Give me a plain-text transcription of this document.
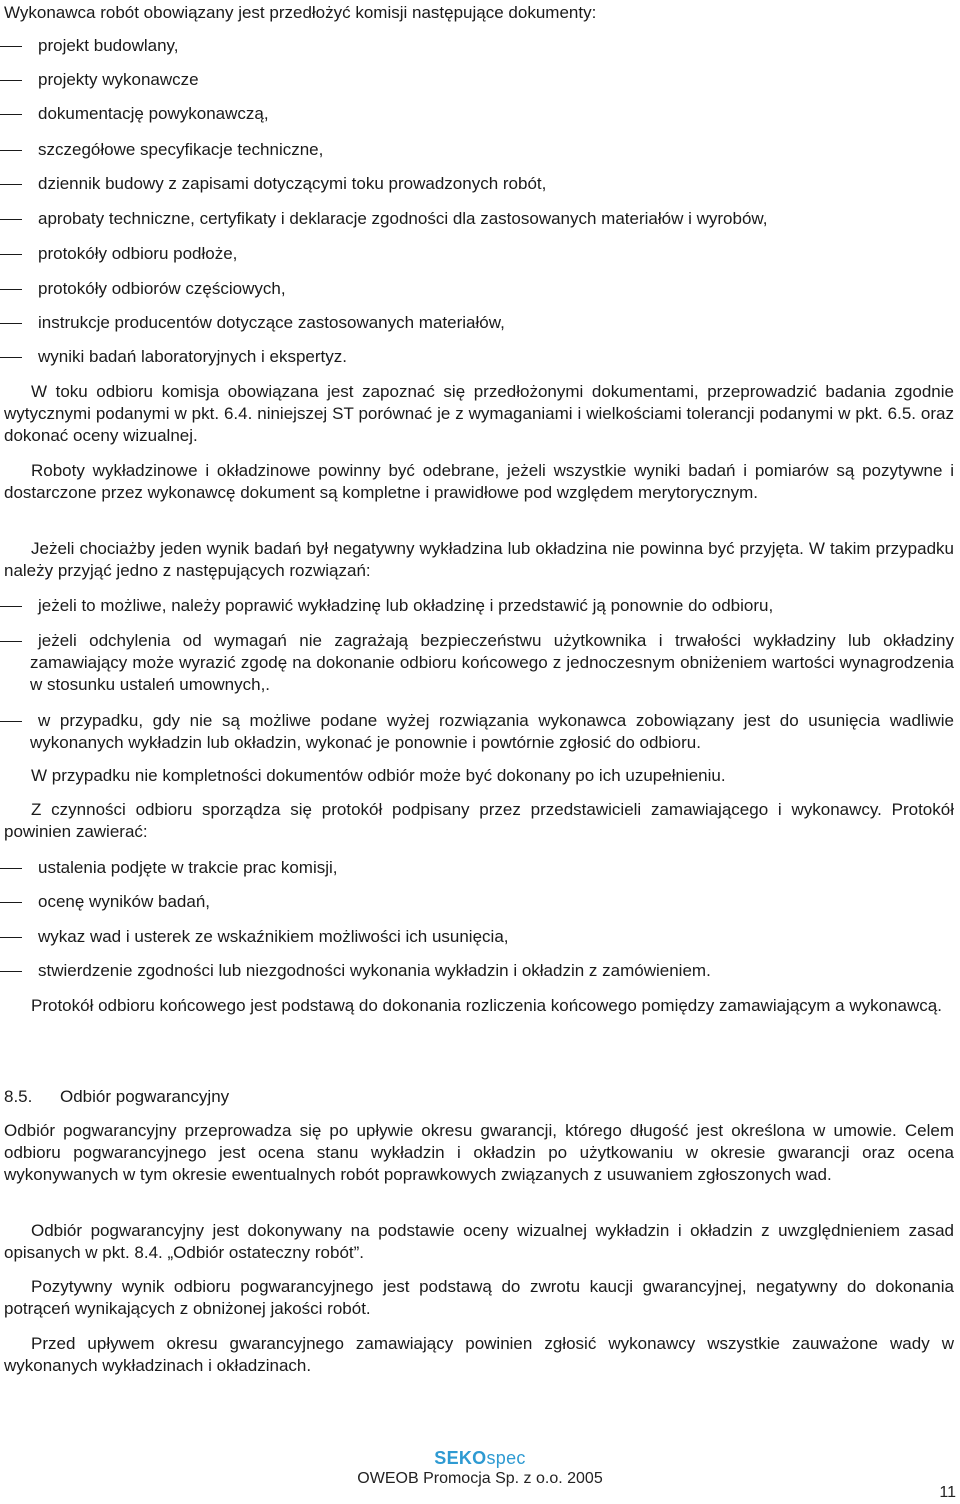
Wykonawca robót obowiązany jest przedłożyć komisji następujące dokumenty:
projekt budowlany,
projekty wykonawcze
dokumentację powykonawczą,
szczegółowe specyfikacje techniczne,
dziennik budowy z zapisami dotyczącymi toku prowadzonych robót,
aprobaty techniczne, certyfikaty i deklaracje zgodności dla zastosowanych materiałów i wyrobów,
protokóły odbioru podłoże,
protokóły odbiorów częściowych,
instrukcje producentów dotyczące zastosowanych materiałów,
wyniki badań laboratoryjnych i ekspertyz.
W toku odbioru komisja obowiązana jest zapoznać się przedłożonymi dokumentami, przeprowadzić badania zgodnie wytycznymi podanymi w pkt. 6.4. niniejszej ST porównać je z wymaganiami i wielkościami tolerancji podanymi w pkt. 6.5. oraz dokonać oceny wizualnej.
Roboty wykładzinowe i okładzinowe powinny być odebrane, jeżeli wszystkie wyniki badań i pomiarów są pozytywne i dostarczone przez wykonawcę dokument są kompletne i prawidłowe pod względem merytorycznym.
Jeżeli chociażby jeden wynik badań był negatywny wykładzina lub okładzina nie powinna być przyjęta. W takim przypadku należy przyjąć jedno z następujących rozwiązań:
jeżeli to możliwe, należy poprawić wykładzinę lub okładzinę i przedstawić ją ponownie do odbioru,
jeżeli odchylenia od wymagań nie zagrażają bezpieczeństwu użytkownika i trwałości wykładziny lub okładziny zamawiający może wyrazić zgodę na dokonanie odbioru końcowego z jednoczesnym obniżeniem wartości wynagrodzenia w stosunku ustaleń umownych,.
w przypadku, gdy nie są możliwe podane wyżej rozwiązania wykonawca zobowiązany jest do usunięcia wadliwie wykonanych wykładzin lub okładzin, wykonać je ponownie i powtórnie zgłosić do odbioru.
W przypadku nie kompletności dokumentów odbiór może być dokonany po ich uzupełnieniu.
Z czynności odbioru sporządza się protokół podpisany przez przedstawicieli zamawiającego i wykonawcy. Protokół powinien zawierać:
ustalenia podjęte w trakcie prac komisji,
ocenę wyników badań,
wykaz wad i usterek ze wskaźnikiem możliwości ich usunięcia,
stwierdzenie zgodności lub niezgodności wykonania wykładzin i okładzin z zamówieniem.
Protokół odbioru końcowego jest podstawą do dokonania rozliczenia końcowego pomiędzy zamawiającym a wykonawcą.
8.5. Odbiór pogwarancyjny
Odbiór pogwarancyjny przeprowadza się po upływie okresu gwarancji, którego długość jest określona w umowie. Celem odbioru pogwarancyjnego jest ocena stanu wykładzin i okładzin po użytkowaniu w okresie gwarancji oraz ocena wykonywanych w tym okresie ewentualnych robót poprawkowych związanych z usuwaniem zgłoszonych wad.
Odbiór pogwarancyjny jest dokonywany na podstawie oceny wizualnej wykładzin i okładzin z uwzględnieniem zasad opisanych w pkt. 8.4. „Odbiór ostateczny robót”.
Pozytywny wynik odbioru pogwarancyjnego jest podstawą do zwrotu kaucji gwarancyjnej, negatywny do dokonania potrąceń wynikających z obniżonej jakości robót.
Przed upływem okresu gwarancyjnego zamawiający powinien zgłosić wykonawcy wszystkie zauważone wady w wykonanych wykładzinach i okładzinach.
SEKOspec
OWEOB Promocja Sp. z o.o. 2005
11
